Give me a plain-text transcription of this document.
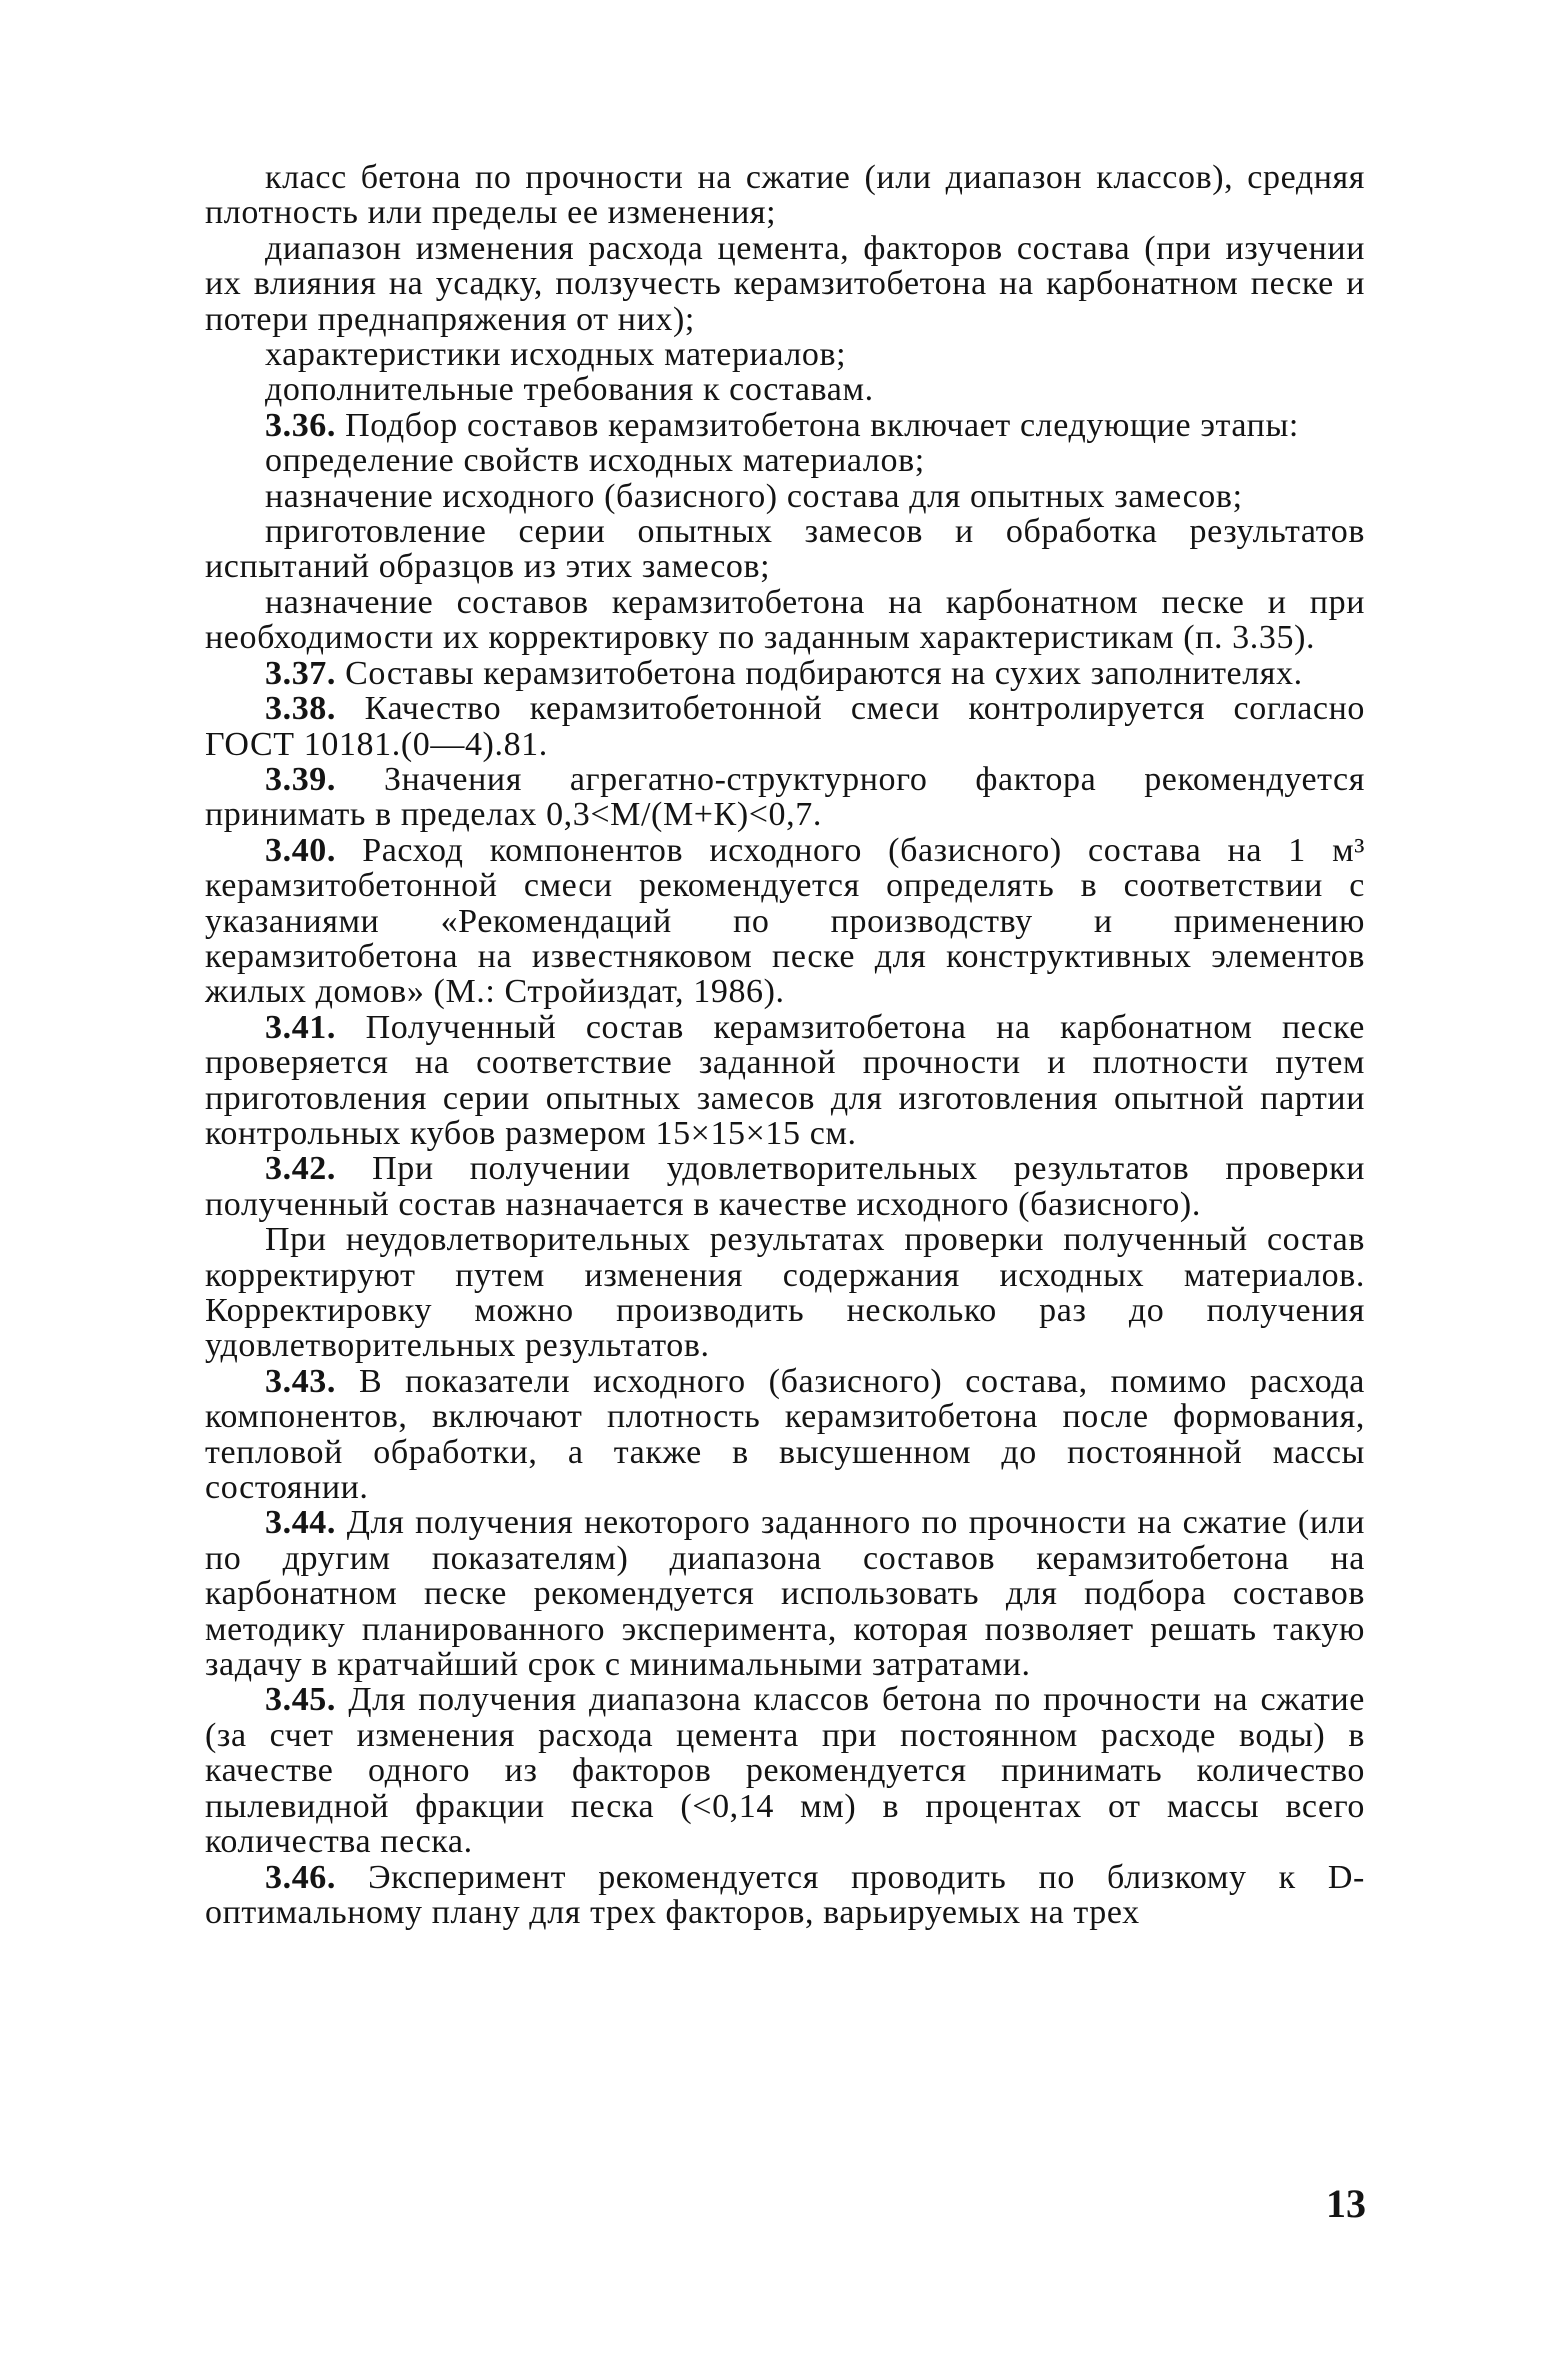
класс бетона по прочности на сжатие (или диапазон классов), средняя плотность или пределы ее изменения;

диапазон изменения расхода цемента, факторов состава (при изучении их влияния на усадку, ползучесть керамзитобетона на карбонатном песке и потери преднапряжения от них);

характеристики исходных материалов;

дополнительные требования к составам.

3.36. Подбор составов керамзитобетона включает следующие этапы:

определение свойств исходных материалов;

назначение исходного (базисного) состава для опытных замесов;

приготовление серии опытных замесов и обработка результатов испытаний образцов из этих замесов;

назначение составов керамзитобетона на карбонатном песке и при необходимости их корректировку по заданным характеристикам (п. 3.35).

3.37. Составы керамзитобетона подбираются на сухих заполнителях.

3.38. Качество керамзитобетонной смеси контролируется согласно ГОСТ 10181.(0—4).81.

3.39. Значения агрегатно-структурного фактора рекомендуется принимать в пределах 0,3<М/(М+К)<0,7.

3.40. Расход компонентов исходного (базисного) состава на 1 м³ керамзитобетонной смеси рекомендуется определять в соответствии с указаниями «Рекомендаций по производству и применению керамзитобетона на известняковом песке для конструктивных элементов жилых домов» (М.: Стройиздат, 1986).

3.41. Полученный состав керамзитобетона на карбонатном песке проверяется на соответствие заданной прочности и плотности путем приготовления серии опытных замесов для изготовления опытной партии контрольных кубов размером 15×15×15 см.

3.42. При получении удовлетворительных результатов проверки полученный состав назначается в качестве исходного (базисного).

При неудовлетворительных результатах проверки полученный состав корректируют путем изменения содержания исходных материалов. Корректировку можно производить несколько раз до получения удовлетворительных результатов.

3.43. В показатели исходного (базисного) состава, помимо расхода компонентов, включают плотность керамзитобетона после формования, тепловой обработки, а также в высушенном до постоянной массы состоянии.

3.44. Для получения некоторого заданного по прочности на сжатие (или по другим показателям) диапазона составов керамзитобетона на карбонатном песке рекомендуется использовать для подбора составов методику планированного эксперимента, которая позволяет решать такую задачу в кратчайший срок с минимальными затратами.

3.45. Для получения диапазона классов бетона по прочности на сжатие (за счет изменения расхода цемента при постоянном расходе воды) в качестве одного из факторов рекомендуется принимать количество пылевидной фракции песка (<0,14 мм) в процентах от массы всего количества песка.

3.46. Эксперимент рекомендуется проводить по близкому к D-оптимальному плану для трех факторов, варьируемых на трех

13
